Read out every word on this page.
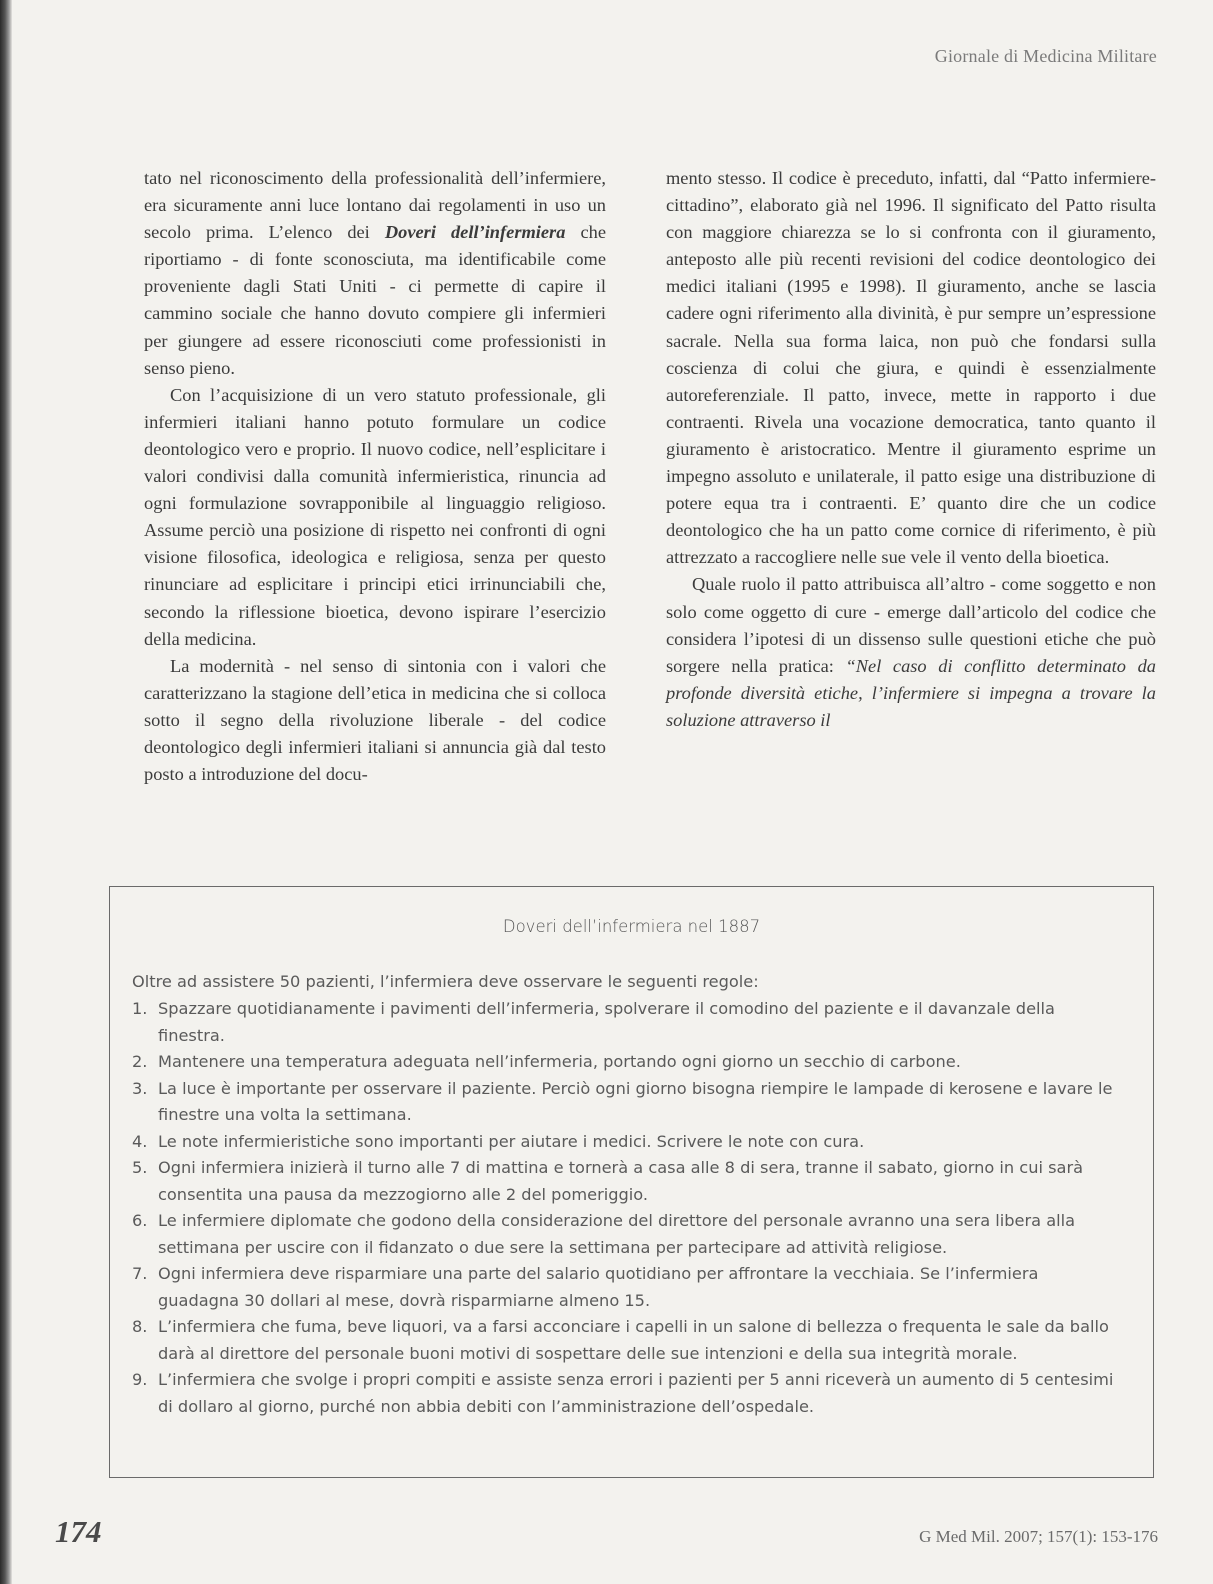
Giornale di Medicina Militare

tato nel riconoscimento della professionalità dell’infermiere, era sicuramente anni luce lontano dai regolamenti in uso un secolo prima. L’elenco dei Doveri dell’infermiera che riportiamo - di fonte sconosciuta, ma identificabile come proveniente dagli Stati Uniti - ci permette di capire il cammino sociale che hanno dovuto compiere gli infermieri per giungere ad essere riconosciuti come professionisti in senso pieno.

Con l’acquisizione di un vero statuto professionale, gli infermieri italiani hanno potuto formulare un codice deontologico vero e proprio. Il nuovo codice, nell’esplicitare i valori condivisi dalla comunità infermieristica, rinuncia ad ogni formulazione sovrapponibile al linguaggio religioso. Assume perciò una posizione di rispetto nei confronti di ogni visione filosofica, ideologica e religiosa, senza per questo rinunciare ad esplicitare i principi etici irrinunciabili che, secondo la riflessione bioetica, devono ispirare l’esercizio della medicina.

La modernità - nel senso di sintonia con i valori che caratterizzano la stagione dell’etica in medicina che si colloca sotto il segno della rivoluzione liberale - del codice deontologico degli infermieri italiani si annuncia già dal testo posto a introduzione del docu-

mento stesso. Il codice è preceduto, infatti, dal “Patto infermiere-cittadino”, elaborato già nel 1996. Il significato del Patto risulta con maggiore chiarezza se lo si confronta con il giuramento, anteposto alle più recenti revisioni del codice deontologico dei medici italiani (1995 e 1998). Il giuramento, anche se lascia cadere ogni riferimento alla divinità, è pur sempre un’espressione sacrale. Nella sua forma laica, non può che fondarsi sulla coscienza di colui che giura, e quindi è essenzialmente autoreferenziale. Il patto, invece, mette in rapporto i due contraenti. Rivela una vocazione democratica, tanto quanto il giuramento è aristocratico. Mentre il giuramento esprime un impegno assoluto e unilaterale, il patto esige una distribuzione di potere equa tra i contraenti. E’ quanto dire che un codice deontologico che ha un patto come cornice di riferimento, è più attrezzato a raccogliere nelle sue vele il vento della bioetica.

Quale ruolo il patto attribuisca all’altro - come soggetto e non solo come oggetto di cure - emerge dall’articolo del codice che considera l’ipotesi di un dissenso sulle questioni etiche che può sorgere nella pratica: “Nel caso di conflitto determinato da profonde diversità etiche, l’infermiere si impegna a trovare la soluzione attraverso il

Doveri dell’infermiera nel 1887
Oltre ad assistere 50 pazienti, l’infermiera deve osservare le seguenti regole:
1. Spazzare quotidianamente i pavimenti dell’infermeria, spolverare il comodino del paziente e il davanzale della finestra.
2. Mantenere una temperatura adeguata nell’infermeria, portando ogni giorno un secchio di carbone.
3. La luce è importante per osservare il paziente. Perciò ogni giorno bisogna riempire le lampade di kerosene e lavare le finestre una volta la settimana.
4. Le note infermieristiche sono importanti per aiutare i medici. Scrivere le note con cura.
5. Ogni infermiera inizierà il turno alle 7 di mattina e tornerà a casa alle 8 di sera, tranne il sabato, giorno in cui sarà consentita una pausa da mezzogiorno alle 2 del pomeriggio.
6. Le infermiere diplomate che godono della considerazione del direttore del personale avranno una sera libera alla settimana per uscire con il fidanzato o due sere la settimana per partecipare ad attività religiose.
7. Ogni infermiera deve risparmiare una parte del salario quotidiano per affrontare la vecchiaia. Se l’infermiera guadagna 30 dollari al mese, dovrà risparmiarne almeno 15.
8. L’infermiera che fuma, beve liquori, va a farsi acconciare i capelli in un salone di bellezza o frequenta le sale da ballo darà al direttore del personale buoni motivi di sospettare delle sue intenzioni e della sua integrità morale.
9. L’infermiera che svolge i propri compiti e assiste senza errori i pazienti per 5 anni riceverà un aumento di 5 centesimi di dollaro al giorno, purché non abbia debiti con l’amministrazione dell’ospedale.
174	G Med Mil. 2007; 157(1): 153-176
